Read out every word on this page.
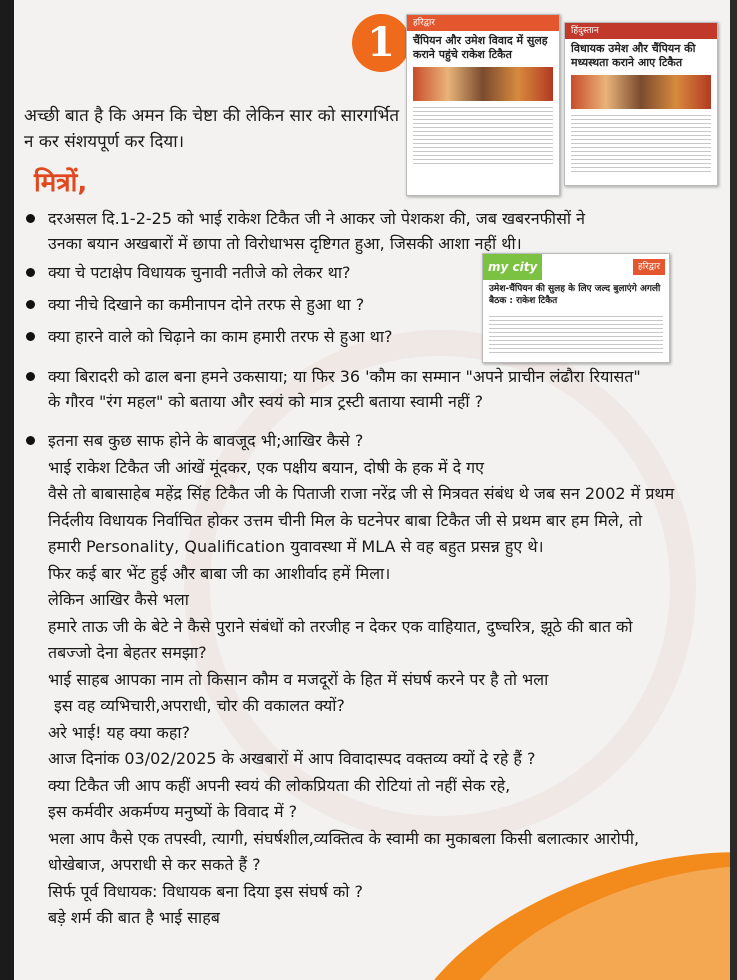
1
अच्छी बात है कि अमन कि चेष्टा की लेकिन सार को सारगर्भित न कर संशयपूर्ण कर दिया।
मित्रों,
हरिद्वार
चैंपियन और उमेश विवाद में सुलह कराने पहुंचे राकेश टिकैत
हिंदुस्तान
विधायक उमेश और चैंपियन की मध्यस्थता कराने आए टिकैत
my city	हरिद्वार
उमेश-चैंपियन की सुलह के लिए जल्द बुलाएंगे अगली बैठक : राकेश टिकैत
दरअसल दि.1-2-25 को भाई राकेश टिकैत जी ने आकर जो पेशकश की, जब खबरनफीसों ने उनका बयान अखबारों में छापा तो विरोधाभस दृष्टिगत हुआ, जिसकी आशा नहीं थी।
क्या चे पटाक्षेप विधायक चुनावी नतीजे को लेकर था?
क्या नीचे दिखाने का कमीनापन दोने तरफ से हुआ था ?
क्या हारने वाले को चिढ़ाने का काम हमारी तरफ से हुआ था?
क्या बिरादरी को ढाल बना हमने उकसाया; या फिर 36 'कौम का सम्मान "अपने प्राचीन लंढौरा रियासत" के गौरव "रंग महल" को बताया और स्वयं को मात्र ट्रस्टी बताया स्वामी नहीं ?
इतना सब कुछ साफ होने के बावजूद भी;आखिर कैसे ?
भाई राकेश टिकैत जी आंखें मूंदकर, एक पक्षीय बयान, दोषी के हक में दे गए
वैसे तो बाबासाहेब महेंद्र सिंह टिकैत जी के पिताजी राजा नरेंद्र जी से मित्रवत संबंध थे जब सन 2002 में प्रथम निर्दलीय विधायक निर्वाचित होकर उत्तम चीनी मिल के घटनेपर बाबा टिकैत जी से प्रथम बार हम मिले, तो हमारी Personality, Qualification युवावस्था में MLA से वह बहुत प्रसन्न हुए थे।
फिर कई बार भेंट हुई और बाबा जी का आशीर्वाद हमें मिला।
लेकिन आखिर कैसे भला
हमारे ताऊ जी के बेटे ने कैसे पुराने संबंधों को तरजीह न देकर एक वाहियात, दुष्चरित्र, झूठे की बात को तबज्जो देना बेहतर समझा?
भाई साहब आपका नाम तो किसान कौम व मजदूरों के हित में संघर्ष करने पर है तो भला
इस वह व्यभिचारी,अपराधी, चोर की वकालत क्यों?
अरे भाई! यह क्या कहा?
आज दिनांक 03/02/2025 के अखबारों में आप विवादास्पद वक्तव्य क्यों दे रहे हैं ?
क्या टिकैत जी आप कहीं अपनी स्वयं की लोकप्रियता की रोटियां तो नहीं सेक रहे,
इस कर्मवीर अकर्मण्य मनुष्यों के विवाद में ?
भला आप कैसे एक तपस्वी, त्यागी, संघर्षशील,व्यक्तित्व के स्वामी का मुकाबला किसी बलात्कार आरोपी, धोखेबाज, अपराधी से कर सकते हैं ?
सिर्फ पूर्व विधायक: विधायक बना दिया इस संघर्ष को ?
बड़े शर्म की बात है भाई साहब
